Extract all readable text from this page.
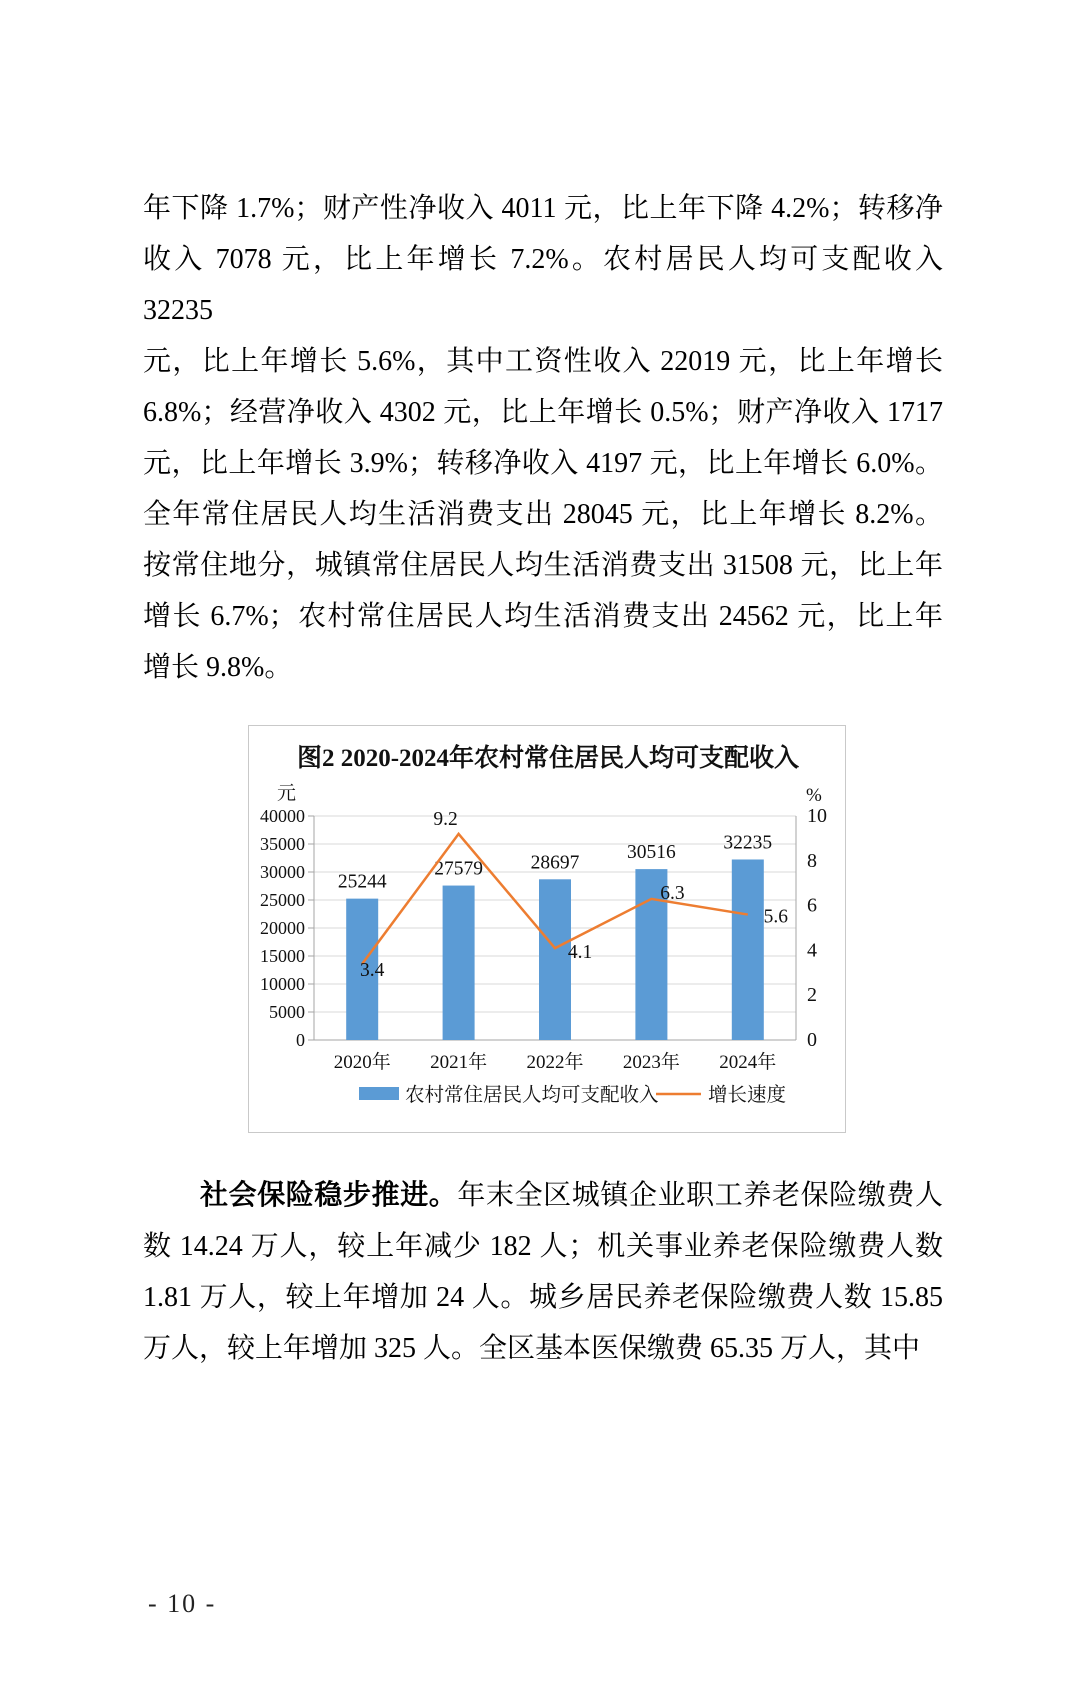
年下降 1.7%；财产性净收入 4011 元，比上年下降 4.2%；转移净
收入 7078 元，比上年增长 7.2%。农村居民人均可支配收入 32235
元，比上年增长 5.6%，其中工资性收入 22019 元，比上年增长
6.8%；经营净收入 4302 元，比上年增长 0.5%；财产净收入 1717
元，比上年增长 3.9%；转移净收入 4197 元，比上年增长 6.0%。
全年常住居民人均生活消费支出 28045 元，比上年增长 8.2%。
按常住地分，城镇常住居民人均生活消费支出 31508 元，比上年
增长 6.7%；农村常住居民人均生活消费支出 24562 元，比上年
增长 9.8%。
图2 2020-2024年农村常住居民人均可支配收入
元	%
0
5000
10000
15000
20000
25000
30000
35000
40000
0
2
4
6
8
10
2020年 2021年 2022年 2023年 2024年
25244
27579 28697 30516 32235
3.4
9.2
4.1
6.3
5.6
农村常住居民人均可支配收入	增长速度
社会保险稳步推进。年末全区城镇企业职工养老保险缴费人
数 14.24 万人，较上年减少 182 人；机关事业养老保险缴费人数
1.81 万人，较上年增加 24 人。城乡居民养老保险缴费人数 15.85
万人，较上年增加 325 人。全区基本医保缴费 65.35 万人，其中
- 10 -
